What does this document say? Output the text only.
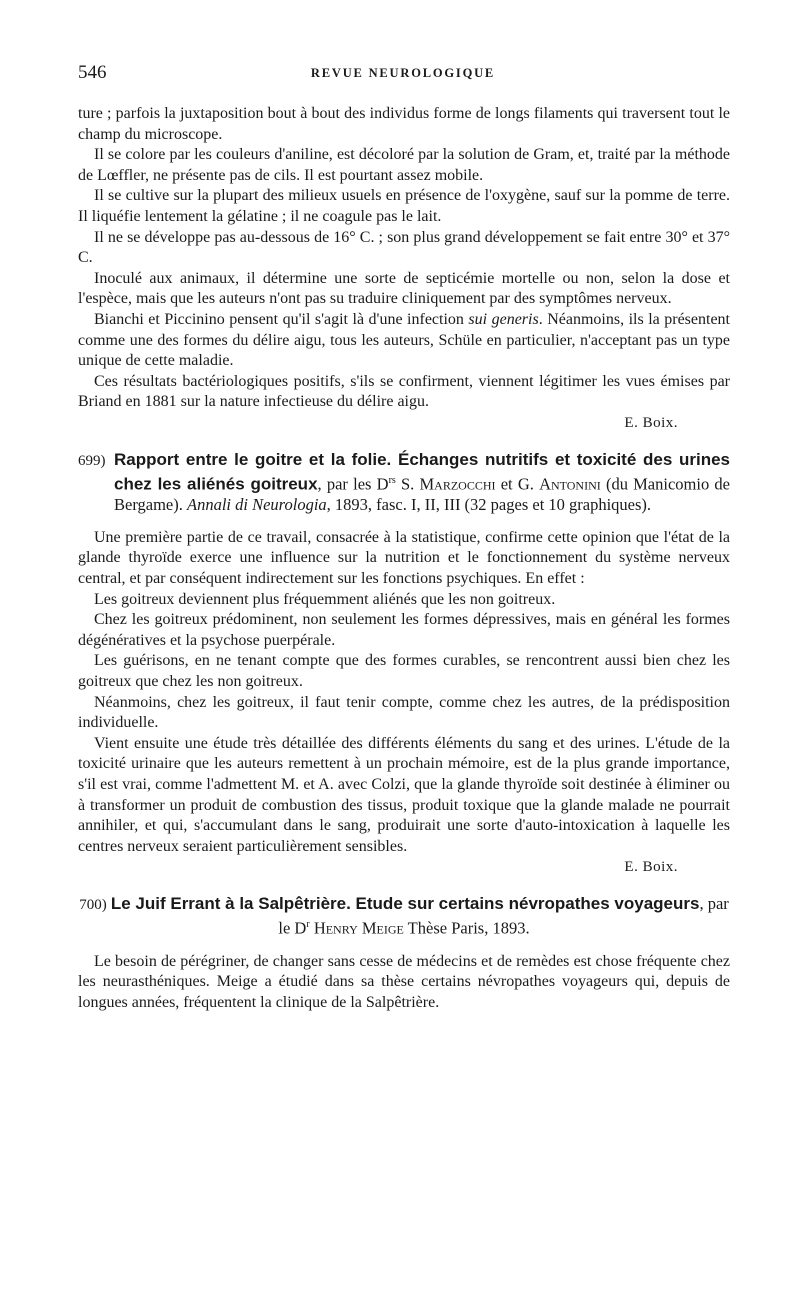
546	REVUE NEUROLOGIQUE

ture ; parfois la juxtaposition bout à bout des individus forme de longs filaments qui traversent tout le champ du microscope.

Il se colore par les couleurs d'aniline, est décoloré par la solution de Gram, et, traité par la méthode de Lœffler, ne présente pas de cils. Il est pourtant assez mobile.

Il se cultive sur la plupart des milieux usuels en présence de l'oxygène, sauf sur la pomme de terre. Il liquéfie lentement la gélatine ; il ne coagule pas le lait.

Il ne se développe pas au-dessous de 16° C. ; son plus grand développement se fait entre 30° et 37° C.

Inoculé aux animaux, il détermine une sorte de septicémie mortelle ou non, selon la dose et l'espèce, mais que les auteurs n'ont pas su traduire cliniquement par des symptômes nerveux.

Bianchi et Piccinino pensent qu'il s'agit là d'une infection sui generis. Néanmoins, ils la présentent comme une des formes du délire aigu, tous les auteurs, Schüle en particulier, n'acceptant pas un type unique de cette maladie.

Ces résultats bactériologiques positifs, s'ils se confirment, viennent légitimer les vues émises par Briand en 1881 sur la nature infectieuse du délire aigu.

E. Boix.

699) Rapport entre le goitre et la folie. Échanges nutritifs et toxicité des urines chez les aliénés goitreux, par les $D^{rs}$ S. Marzocchi et G. Antonini (du Manicomio de Bergame). Annali di Neurologia, 1893, fasc. I, II, III (32 pages et 10 graphiques).

Une première partie de ce travail, consacrée à la statistique, confirme cette opinion que l'état de la glande thyroïde exerce une influence sur la nutrition et le fonctionnement du système nerveux central, et par conséquent indirectement sur les fonctions psychiques. En effet :

Les goitreux deviennent plus fréquemment aliénés que les non goitreux.

Chez les goitreux prédominent, non seulement les formes dépressives, mais en général les formes dégénératives et la psychose puerpérale.

Les guérisons, en ne tenant compte que des formes curables, se rencontrent aussi bien chez les goitreux que chez les non goitreux.

Néanmoins, chez les goitreux, il faut tenir compte, comme chez les autres, de la prédisposition individuelle.

Vient ensuite une étude très détaillée des différents éléments du sang et des urines. L'étude de la toxicité urinaire que les auteurs remettent à un prochain mémoire, est de la plus grande importance, s'il est vrai, comme l'admettent M. et A. avec Colzi, que la glande thyroïde soit destinée à éliminer ou à transformer un produit de combustion des tissus, produit toxique que la glande malade ne pourrait annihiler, et qui, s'accumulant dans le sang, produirait une sorte d'auto-intoxication à laquelle les centres nerveux seraient particulièrement sensibles.

E. Boix.

700) Le Juif Errant à la Salpêtrière. Etude sur certains névropathes voyageurs, par le $D^r$ Henry Meige Thèse Paris, 1893.

Le besoin de pérégriner, de changer sans cesse de médecins et de remèdes est chose fréquente chez les neurasthéniques. Meige a étudié dans sa thèse certains névropathes voyageurs qui, depuis de longues années, fréquentent la clinique de la Salpêtrière.
